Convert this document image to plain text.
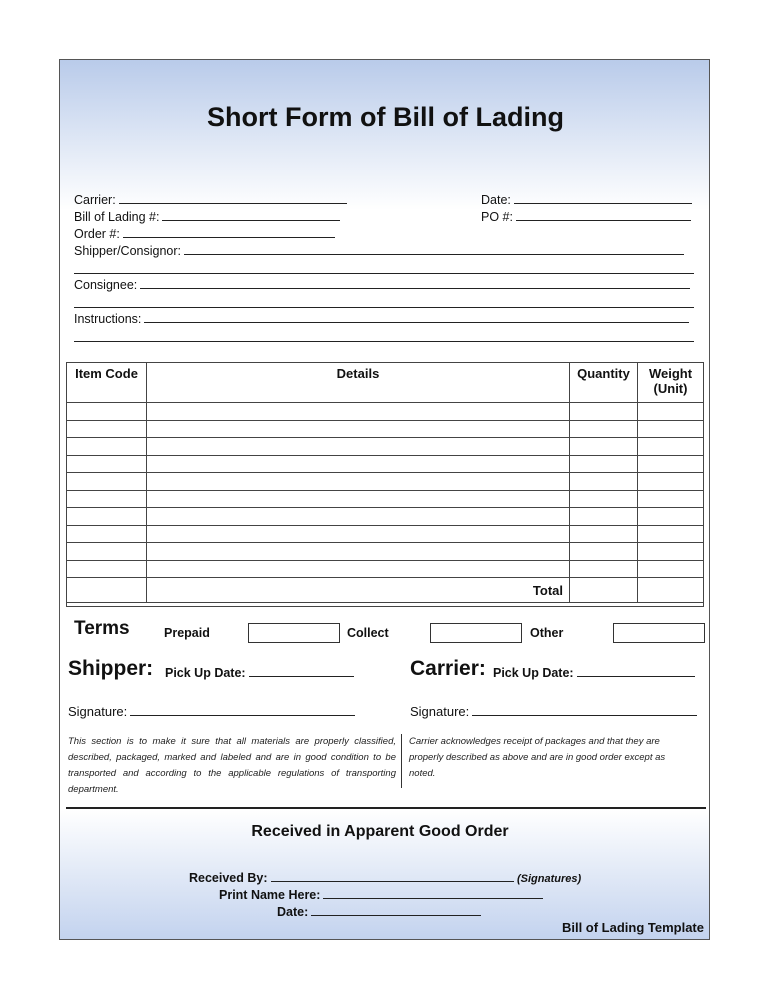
Short Form of Bill of Lading
Carrier:	Date:
Bill of Lading #:	PO #:
Order #:
Shipper/Consignor:
Consignee:
Instructions:
Item Code	Details	Quantity	Weight (Unit)

	Total		

Terms	Prepaid	Collect	Other
Shipper: Pick Up Date:	Carrier: Pick Up Date:
Signature:	Signature:
This section is to make it sure that all materials are properly classified, described, packaged, marked and labeled and are in good condition to be transported and according to the applicable regulations of transporting department.
Carrier acknowledges receipt of packages and that they are properly described as above and are in good order except as noted.
Received in Apparent Good Order
Received By:	(Signatures)
Print Name Here:
Date:
Bill of Lading Template
